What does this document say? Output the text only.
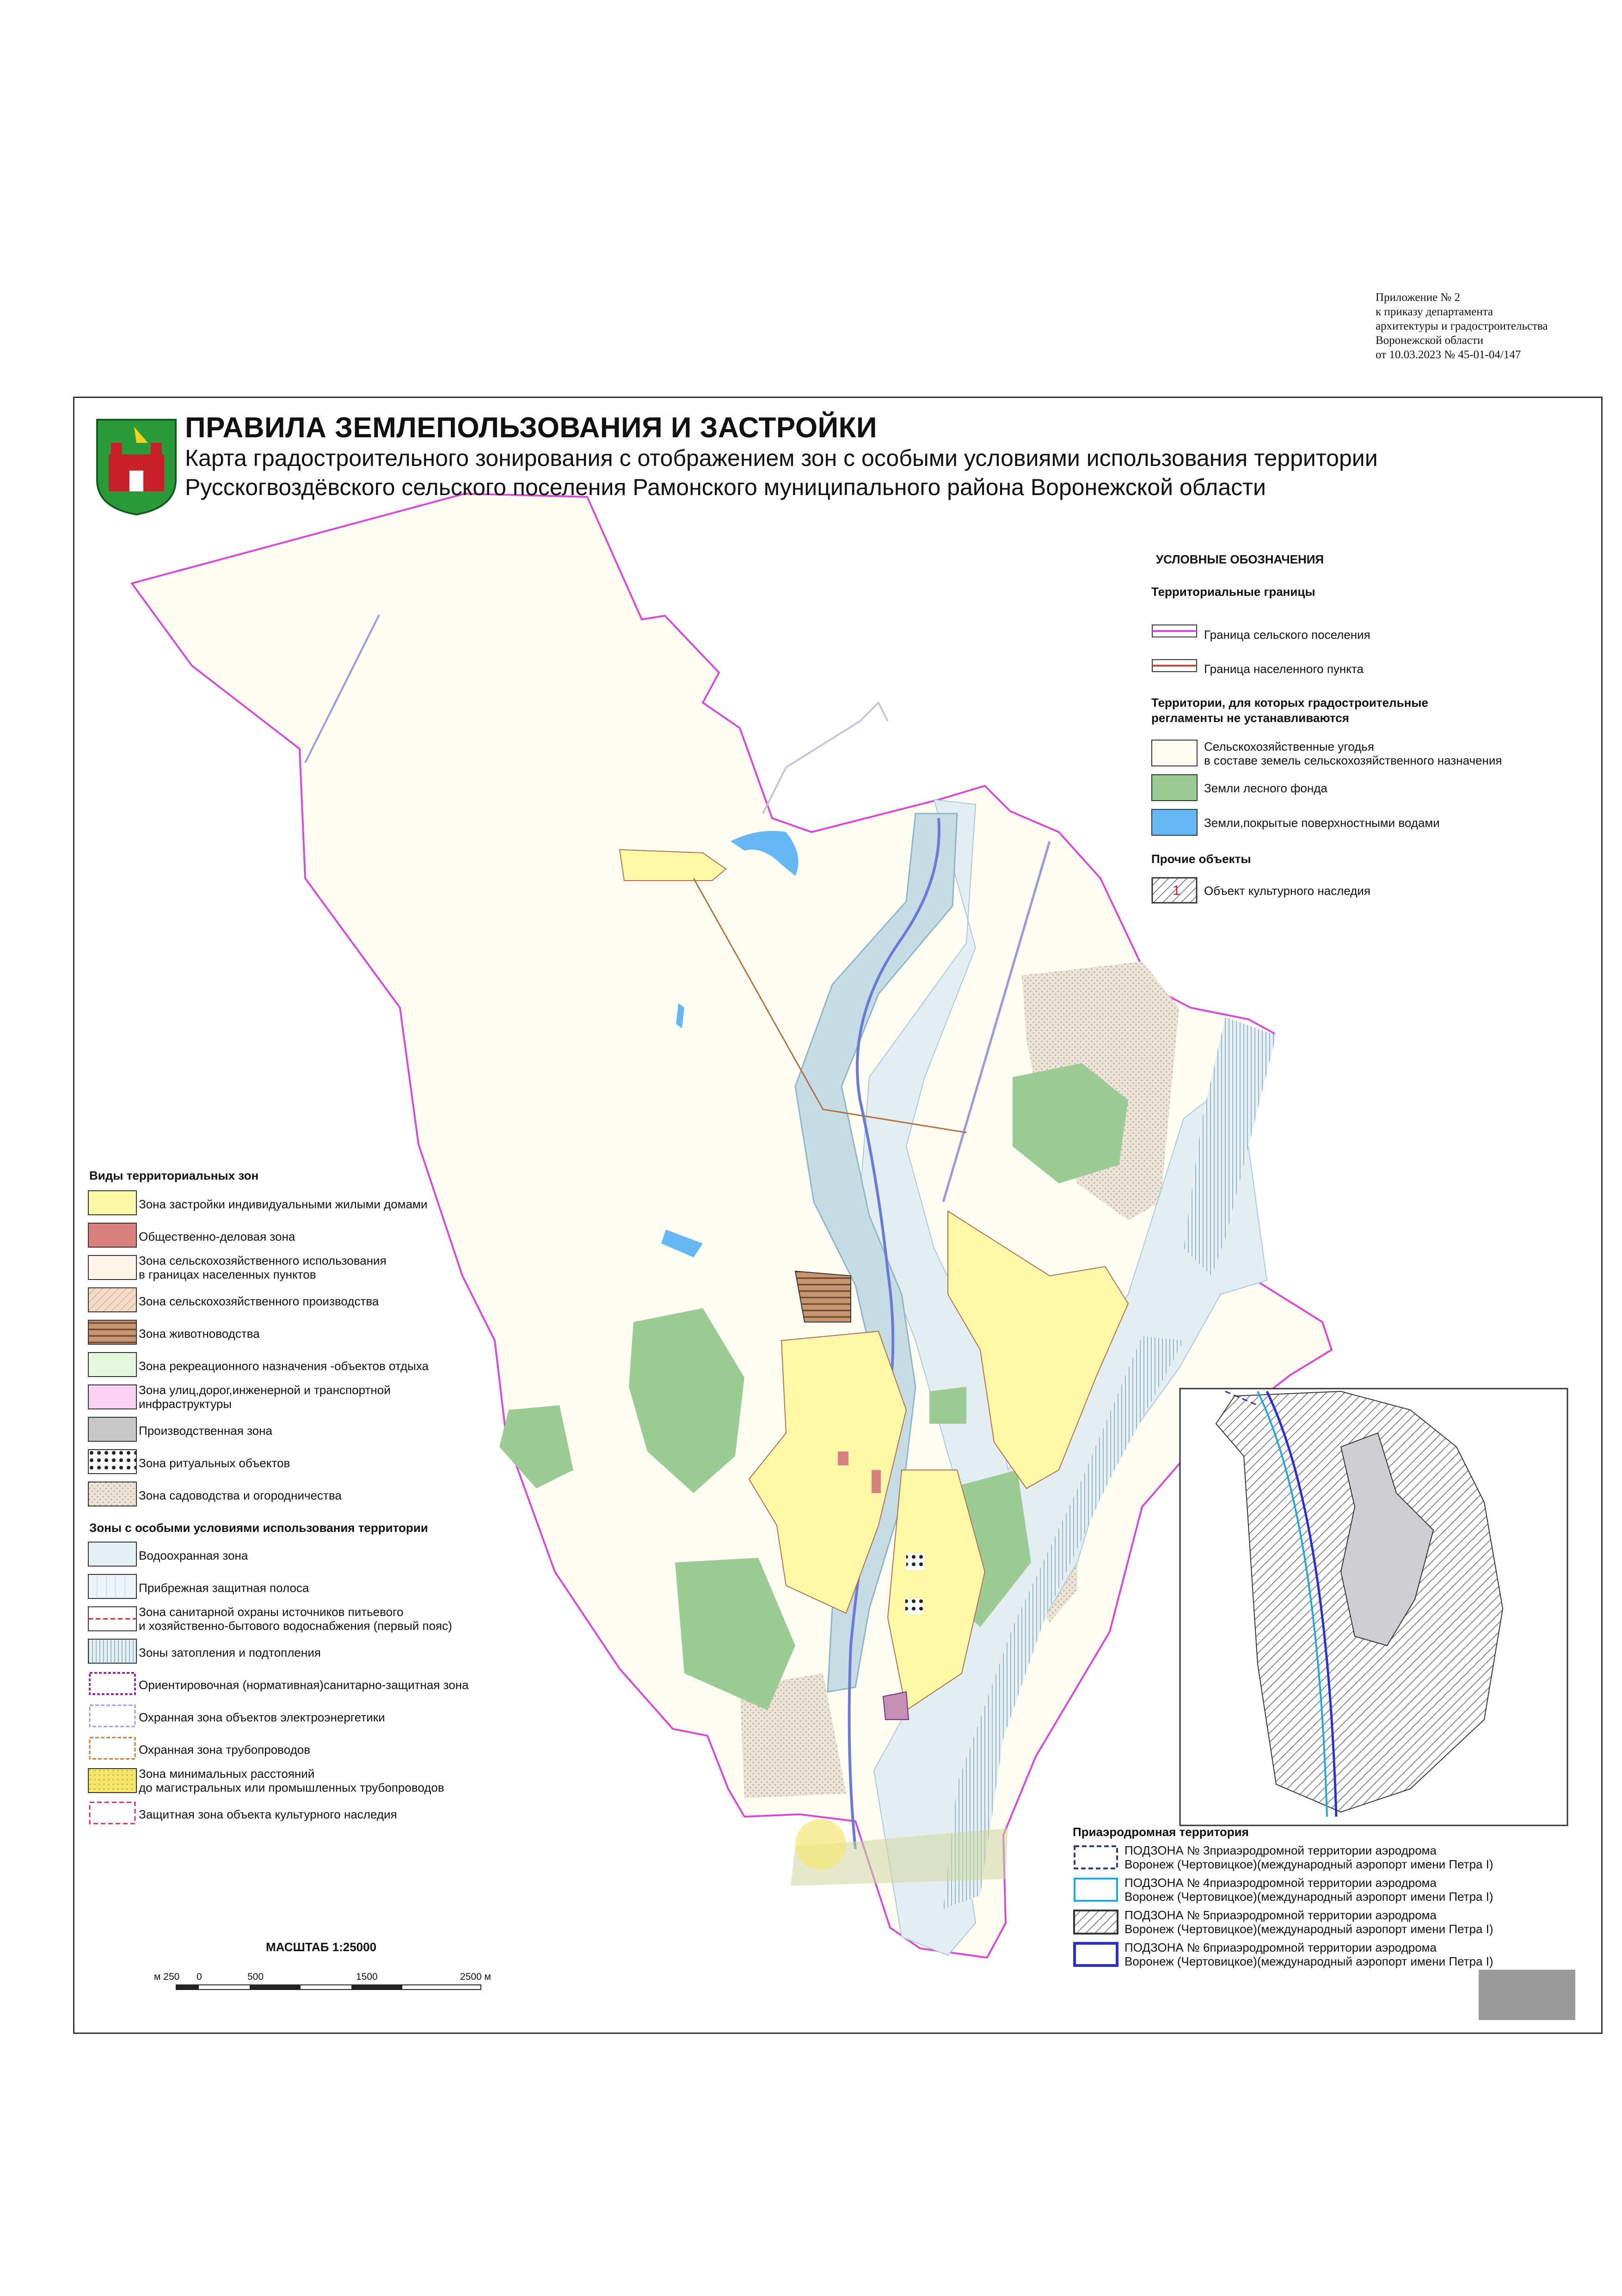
Приложение № 2
к приказу департамента
архитектуры и градостроительства
Воронежской области
от 10.03.2023 № 45-01-04/147
ПРАВИЛА ЗЕМЛЕПОЛЬЗОВАНИЯ И ЗАСТРОЙКИ
Карта градостроительного зонирования с отображением зон с особыми условиями использования территории
Русскогвоздёвского сельского поселения Рамонского муниципального района Воронежской области
УСЛОВНЫЕ ОБОЗНАЧЕНИЯ
Территориальные границы
Граница сельского поселения
Граница населенного пункта
Территории, для которых градостроительные
регламенты не устанавливаются
Сельскохозяйственные угодья
в составе земель сельскохозяйственного назначения
Земли лесного фонда
Земли,покрытые поверхностными водами
Прочие объекты
1 Объект культурного наследия
Виды территориальных зон
Зона застройки индивидуальными жилыми домами
Общественно-деловая зона
Зона сельскохозяйственного использования
в границах населенных пунктов
Зона сельскохозяйственного производства
Зона животноводства
Зона рекреационного назначения -объектов отдыха
Зона улиц,дорог,инженерной и транспортной
инфраструктуры
Производственная зона
Зона ритуальных объектов
Зона садоводства и огородничества
Зоны с особыми условиями использования территории
Водоохранная зона
Прибрежная защитная полоса
Зона санитарной охраны источников питьевого
и хозяйственно-бытового водоснабжения (первый пояс)
Зоны затопления и подтопления
Ориентировочная (нормативная)санитарно-защитная зона
Охранная зона объектов электроэнергетики
Охранная зона трубопроводов
Зона минимальных расстояний
до магистральных или промышленных трубопроводов
Защитная зона объекта культурного наследия
Приаэродромная территория
ПОДЗОНА № 3приаэродромной территории аэродрома
Воронеж (Чертовицкое)(международный аэропорт имени Петра I)
ПОДЗОНА № 4приаэродромной территории аэродрома
Воронеж (Чертовицкое)(международный аэропорт имени Петра I)
ПОДЗОНА № 5приаэродромной территории аэродрома
Воронеж (Чертовицкое)(международный аэропорт имени Петра I)
ПОДЗОНА № 6приаэродромной территории аэродрома
Воронеж (Чертовицкое)(международный аэропорт имени Петра I)
МАСШТАБ 1:25000
м 250 0	500	1500	2500 м
